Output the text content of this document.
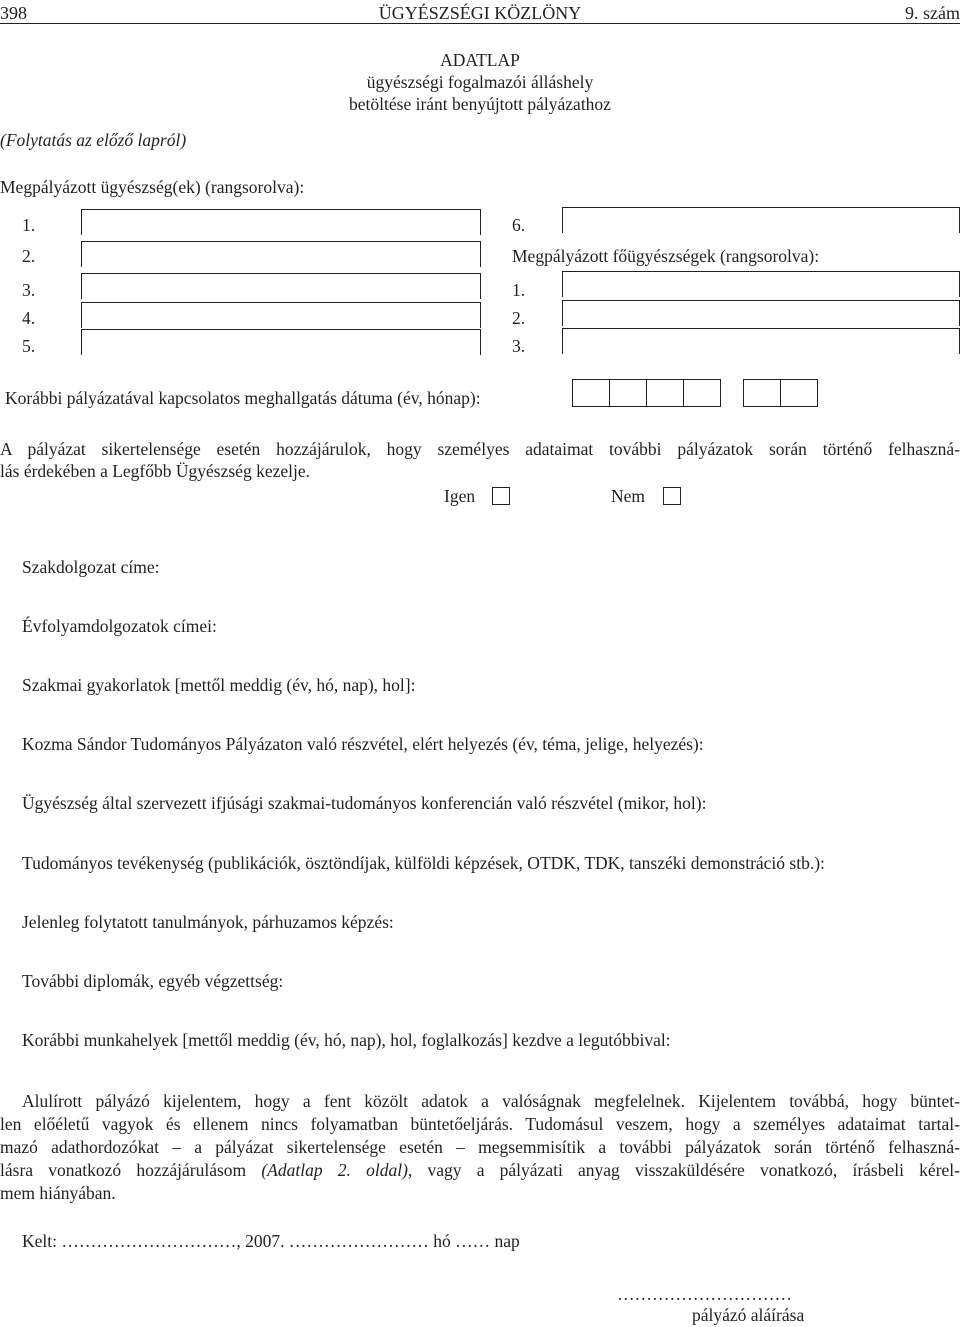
398	ÜGYÉSZSÉGI KÖZLÖNY	9. szám
ADATLAP
ügyészségi fogalmazói álláshely
betöltése iránt benyújtott pályázathoz
(Folytatás az előző lapról)
Megpályázott ügyészség(ek) (rangsorolva):
1.
2.
3.
4.
5.
6.
Megpályázott főügyészségek (rangsorolva):
1.
2.
3.
Korábbi pályázatával kapcsolatos meghallgatás dátuma (év, hónap):
A pályázat sikertelensége esetén hozzájárulok, hogy személyes adataimat további pályázatok során történő felhaszná-
lás érdekében a Legfőbb Ügyészség kezelje.
Igen	Nem
Szakdolgozat címe:
Évfolyamdolgozatok címei:
Szakmai gyakorlatok [mettől meddig (év, hó, nap), hol]:
Kozma Sándor Tudományos Pályázaton való részvétel, elért helyezés (év, téma, jelige, helyezés):
Ügyészség által szervezett ifjúsági szakmai-tudományos konferencián való részvétel (mikor, hol):
Tudományos tevékenység (publikációk, ösztöndíjak, külföldi képzések, OTDK, TDK, tanszéki demonstráció stb.):
Jelenleg folytatott tanulmányok, párhuzamos képzés:
További diplomák, egyéb végzettség:
Korábbi munkahelyek [mettől meddig (év, hó, nap), hol, foglalkozás] kezdve a legutóbbival:
Alulírott pályázó kijelentem, hogy a fent közölt adatok a valóságnak megfelelnek. Kijelentem továbbá, hogy büntet-
len előéletű vagyok és ellenem nincs folyamatban büntetőeljárás. Tudomásul veszem, hogy a személyes adataimat tartal-
mazó adathordozókat – a pályázat sikertelensége esetén – megsemmisítik a további pályázatok során történő felhaszná-
lásra vonatkozó hozzájárulásom (Adatlap 2. oldal), vagy a pályázati anyag visszaküldésére vonatkozó, írásbeli kérel-
mem hiányában.
Kelt: …………………………, 2007. …………………… hó …… nap
…………………………
pályázó aláírása
